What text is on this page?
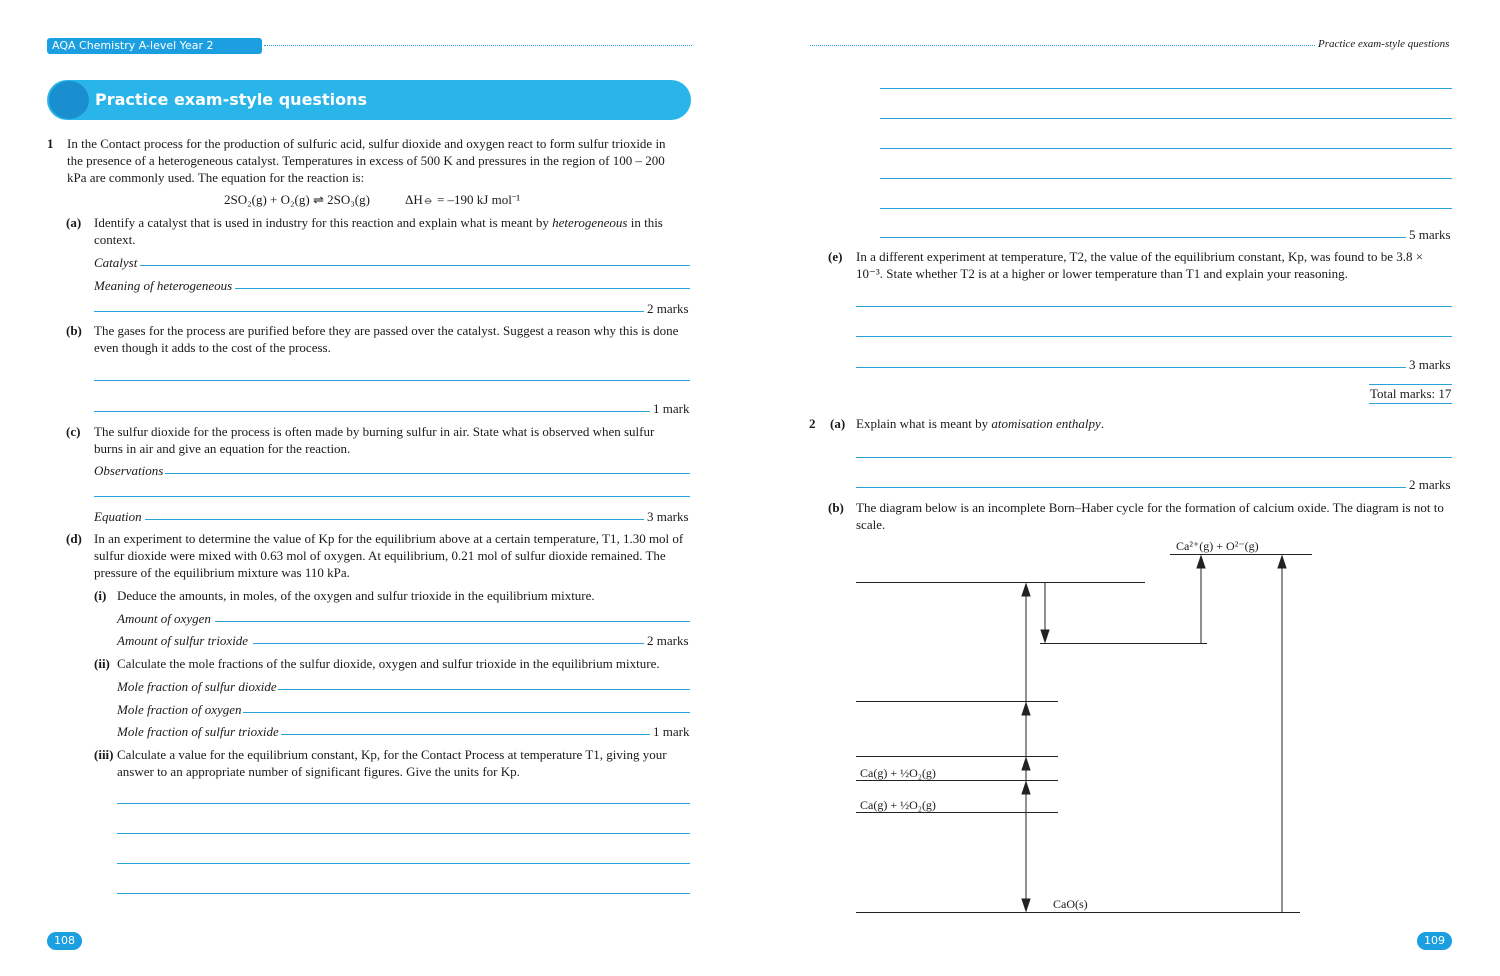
AQA Chemistry A-level Year 2
Practice exam-style questions
1 In the Contact process for the production of sulfuric acid, sulfur dioxide and oxygen react to form sulfur trioxide in the presence of a heterogeneous catalyst. Temperatures in excess of 500 K and pressures in the region of 100 – 200 kPa are commonly used. The equation for the reaction is:
2SO₂(g) + O₂(g) ⇌ 2SO₃(g)	ΔH⦵ = –190 kJ mol⁻¹
(a) Identify a catalyst that is used in industry for this reaction and explain what is meant by heterogeneous in this context.
Catalyst
Meaning of heterogeneous
2 marks
(b) The gases for the process are purified before they are passed over the catalyst. Suggest a reason why this is done even though it adds to the cost of the process.
1 mark
(c) The sulfur dioxide for the process is often made by burning sulfur in air. State what is observed when sulfur burns in air and give an equation for the reaction.
Observations
Equation	3 marks
(d) In an experiment to determine the value of Kp for the equilibrium above at a certain temperature, T1, 1.30 mol of sulfur dioxide were mixed with 0.63 mol of oxygen. At equilibrium, 0.21 mol of sulfur dioxide remained. The pressure of the equilibrium mixture was 110 kPa.
(i) Deduce the amounts, in moles, of the oxygen and sulfur trioxide in the equilibrium mixture.
Amount of oxygen
Amount of sulfur trioxide	2 marks
(ii) Calculate the mole fractions of the sulfur dioxide, oxygen and sulfur trioxide in the equilibrium mixture.
Mole fraction of sulfur dioxide
Mole fraction of oxygen
Mole fraction of sulfur trioxide	1 mark
(iii) Calculate a value for the equilibrium constant, Kp, for the Contact Process at temperature T1, giving your answer to an appropriate number of significant figures. Give the units for Kp.
108
Practice exam-style questions
5 marks
(e) In a different experiment at temperature, T2, the value of the equilibrium constant, Kp, was found to be 3.8 × 10⁻³. State whether T2 is at a higher or lower temperature than T1 and explain your reasoning.
3 marks
Total marks: 17
2 (a) Explain what is meant by atomisation enthalpy.
2 marks
(b) The diagram below is an incomplete Born–Haber cycle for the formation of calcium oxide. The diagram is not to scale.
Ca²⁺(g) + O²⁻(g)
Ca(g) + ½O₂(g)
Ca(g) + ½O₂(g)
CaO(s)
109
